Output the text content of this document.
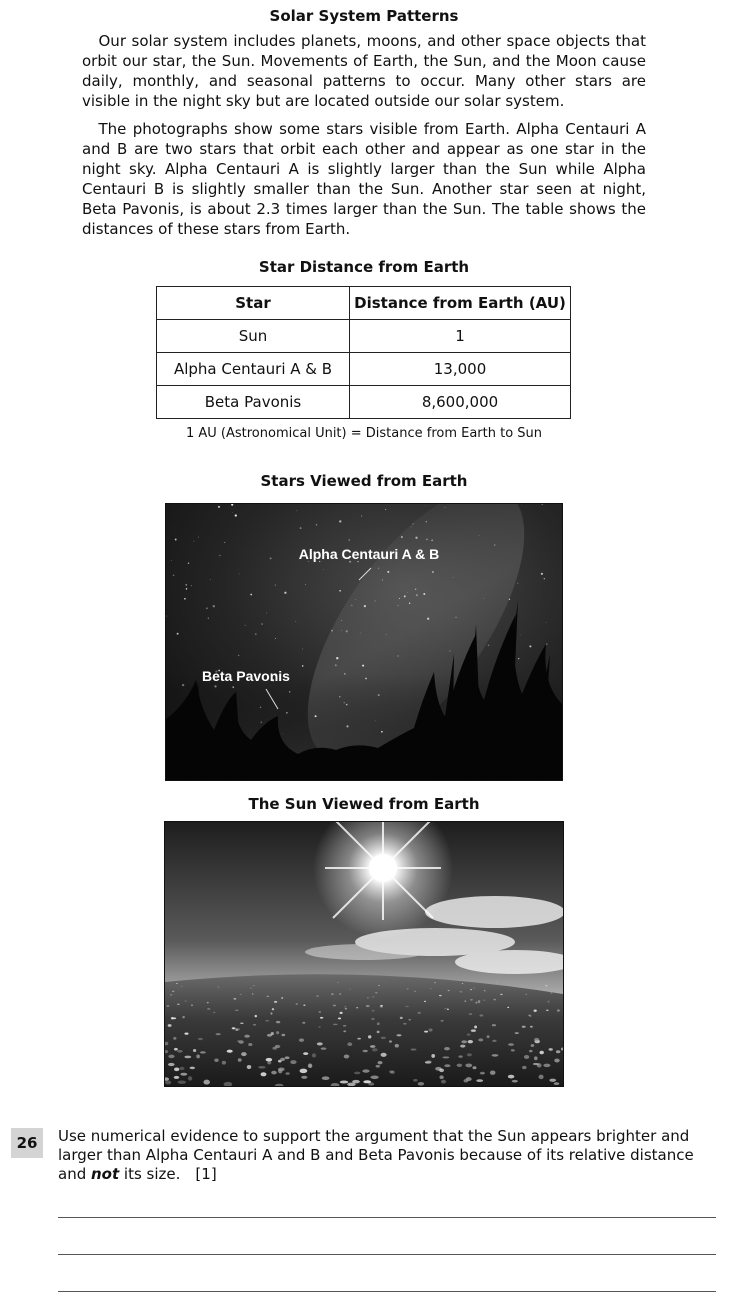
Solar System Patterns

  Our solar system includes planets, moons, and other space objects that orbit our star, the Sun. Movements of Earth, the Sun, and the Moon cause daily, monthly, and seasonal patterns to occur. Many other stars are visible in the night sky but are located outside our solar system.

  The photographs show some stars visible from Earth. Alpha Centauri A and B are two stars that orbit each other and appear as one star in the night sky. Alpha Centauri A is slightly larger than the Sun while Alpha Centauri B is slightly smaller than the Sun. Another star seen at night, Beta Pavonis, is about 2.3 times larger than the Sun. The table shows the distances of these stars from Earth.

Star Distance from Earth
Star	Distance from Earth (AU)
Sun	1
Alpha Centauri A & B	13,000
Beta Pavonis	8,600,000
1 AU (Astronomical Unit) = Distance from Earth to Sun
Stars Viewed from Earth
Alpha Centauri A & B
Beta Pavonis
The Sun Viewed from Earth
26	Use numerical evidence to support the argument that the Sun appears brighter and larger than Alpha Centauri A and B and Beta Pavonis because of its relative distance and not its size.  [1]
